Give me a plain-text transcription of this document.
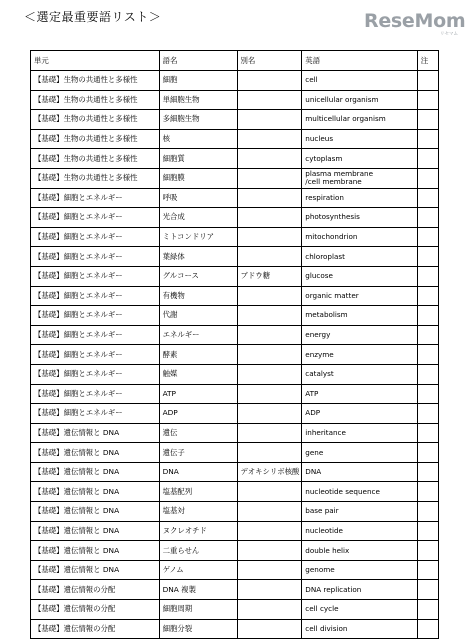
＜選定最重要語リスト＞	ReseMom
リセマム
単元	語名	別名	英語	注
【基礎】生物の共通性と多様性	細胞		cell	
【基礎】生物の共通性と多様性	単細胞生物		unicellular organism	
【基礎】生物の共通性と多様性	多細胞生物		multicellular organism	
【基礎】生物の共通性と多様性	核		nucleus	
【基礎】生物の共通性と多様性	細胞質		cytoplasm	
【基礎】生物の共通性と多様性	細胞膜		plasma membrane
/cell membrane	
【基礎】細胞とエネルギー	呼吸		respiration	
【基礎】細胞とエネルギー	光合成		photosynthesis	
【基礎】細胞とエネルギー	ミトコンドリア		mitochondrion	
【基礎】細胞とエネルギー	葉緑体		chloroplast	
【基礎】細胞とエネルギー	グルコース	ブドウ糖	glucose	
【基礎】細胞とエネルギー	有機物		organic matter	
【基礎】細胞とエネルギー	代謝		metabolism	
【基礎】細胞とエネルギー	エネルギー		energy	
【基礎】細胞とエネルギー	酵素		enzyme	
【基礎】細胞とエネルギー	触媒		catalyst	
【基礎】細胞とエネルギー	ATP		ATP	
【基礎】細胞とエネルギー	ADP		ADP	
【基礎】遺伝情報と DNA	遺伝		inheritance	
【基礎】遺伝情報と DNA	遺伝子		gene	
【基礎】遺伝情報と DNA	DNA	デオキシリボ核酸	DNA	
【基礎】遺伝情報と DNA	塩基配列		nucleotide sequence	
【基礎】遺伝情報と DNA	塩基対		base pair	
【基礎】遺伝情報と DNA	ヌクレオチド		nucleotide	
【基礎】遺伝情報と DNA	二重らせん		double helix	
【基礎】遺伝情報と DNA	ゲノム		genome	
【基礎】遺伝情報の分配	DNA 複製		DNA replication	
【基礎】遺伝情報の分配	細胞周期		cell cycle	
【基礎】遺伝情報の分配	細胞分裂		cell division	
